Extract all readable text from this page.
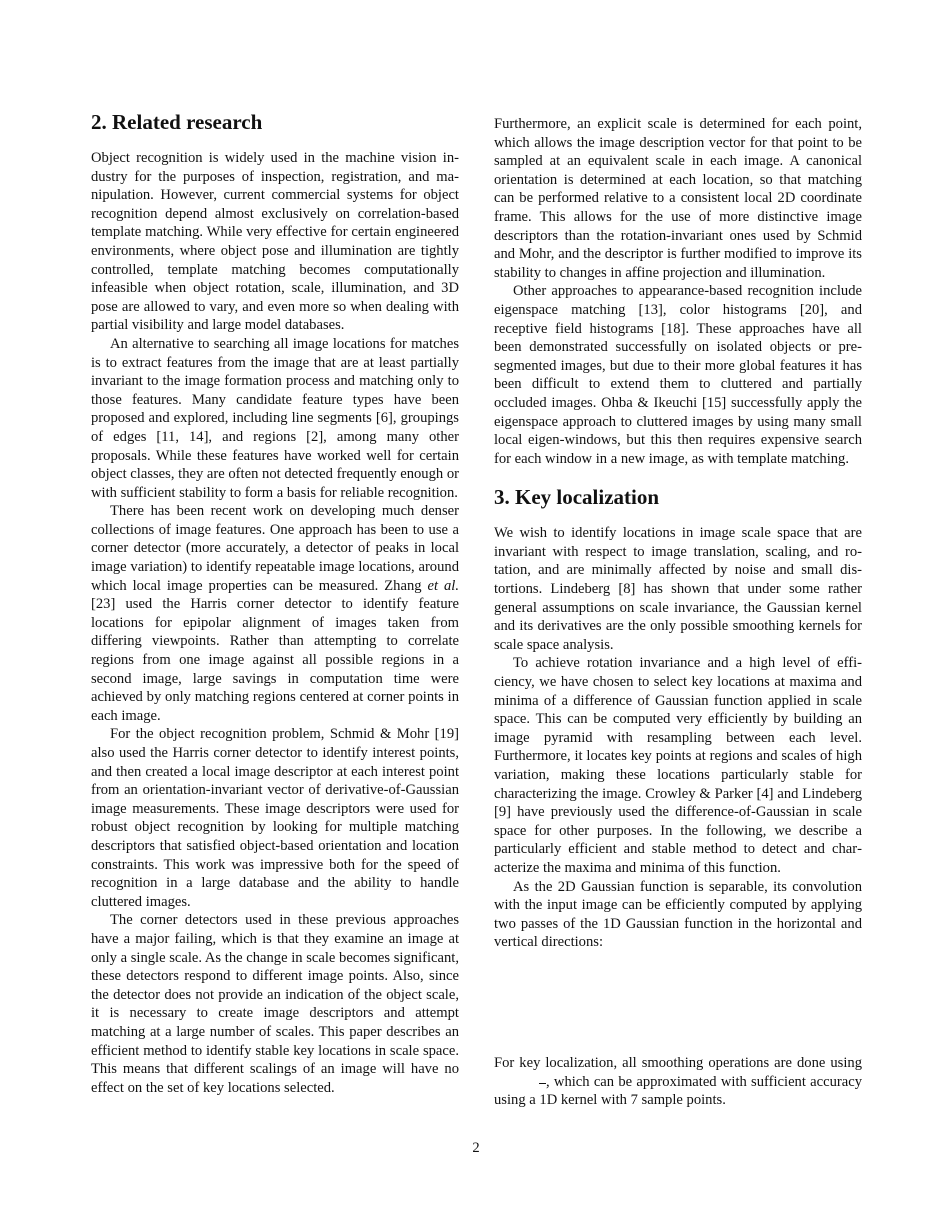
2. Related research

Object recognition is widely used in the machine vision industry for the purposes of inspection, registration, and manipulation. However, current commercial systems for object recognition depend almost exclusively on correlation-based template matching. While very effective for certain engineered environments, where object pose and illumination are tightly controlled, template matching becomes computationally infeasible when object rotation, scale, illumination, and 3D pose are allowed to vary, and even more so when dealing with partial visibility and large model databases.

An alternative to searching all image locations for matches is to extract features from the image that are at least partially invariant to the image formation process and matching only to those features. Many candidate feature types have been proposed and explored, including line segments [6], groupings of edges [11, 14], and regions [2], among many other proposals. While these features have worked well for certain object classes, they are often not detected frequently enough or with sufficient stability to form a basis for reliable recognition.

There has been recent work on developing much denser collections of image features. One approach has been to use a corner detector (more accurately, a detector of peaks in local image variation) to identify repeatable image locations, around which local image properties can be measured. Zhang et al. [23] used the Harris corner detector to identify feature locations for epipolar alignment of images taken from differing viewpoints. Rather than attempting to correlate regions from one image against all possible regions in a second image, large savings in computation time were achieved by only matching regions centered at corner points in each image.

For the object recognition problem, Schmid & Mohr [19] also used the Harris corner detector to identify interest points, and then created a local image descriptor at each interest point from an orientation-invariant vector of derivative-of-Gaussian image measurements. These image descriptors were used for robust object recognition by looking for multiple matching descriptors that satisfied object-based orientation and location constraints. This work was impressive both for the speed of recognition in a large database and the ability to handle cluttered images.

The corner detectors used in these previous approaches have a major failing, which is that they examine an image at only a single scale. As the change in scale becomes significant, these detectors respond to different image points. Also, since the detector does not provide an indication of the object scale, it is necessary to create image descriptors and attempt matching at a large number of scales. This paper describes an efficient method to identify stable key locations in scale space. This means that different scalings of an image will have no effect on the set of key locations selected.

Furthermore, an explicit scale is determined for each point, which allows the image description vector for that point to be sampled at an equivalent scale in each image. A canonical orientation is determined at each location, so that matching can be performed relative to a consistent local 2D coordinate frame. This allows for the use of more distinctive image descriptors than the rotation-invariant ones used by Schmid and Mohr, and the descriptor is further modified to improve its stability to changes in affine projection and illumination.

Other approaches to appearance-based recognition include eigenspace matching [13], color histograms [20], and receptive field histograms [18]. These approaches have all been demonstrated successfully on isolated objects or pre-segmented images, but due to their more global features it has been difficult to extend them to cluttered and partially occluded images. Ohba & Ikeuchi [15] successfully apply the eigenspace approach to cluttered images by using many small local eigen-windows, but this then requires expensive search for each window in a new image, as with template matching.

3. Key localization

We wish to identify locations in image scale space that are invariant with respect to image translation, scaling, and rotation, and are minimally affected by noise and small distortions. Lindeberg [8] has shown that under some rather general assumptions on scale invariance, the Gaussian kernel and its derivatives are the only possible smoothing kernels for scale space analysis.

To achieve rotation invariance and a high level of efficiency, we have chosen to select key locations at maxima and minima of a difference of Gaussian function applied in scale space. This can be computed very efficiently by building an image pyramid with resampling between each level. Furthermore, it locates key points at regions and scales of high variation, making these locations particularly stable for characterizing the image. Crowley & Parker [4] and Lindeberg [9] have previously used the difference-of-Gaussian in scale space for other purposes. In the following, we describe a particularly efficient and stable method to detect and characterize the maxima and minima of this function.

As the 2D Gaussian function is separable, its convolution with the input image can be efficiently computed by applying two passes of the 1D Gaussian function in the horizontal and vertical directions:

For key localization, all smoothing operations are done using , which can be approximated with sufficient accuracy using a 1D kernel with 7 sample points.

2
